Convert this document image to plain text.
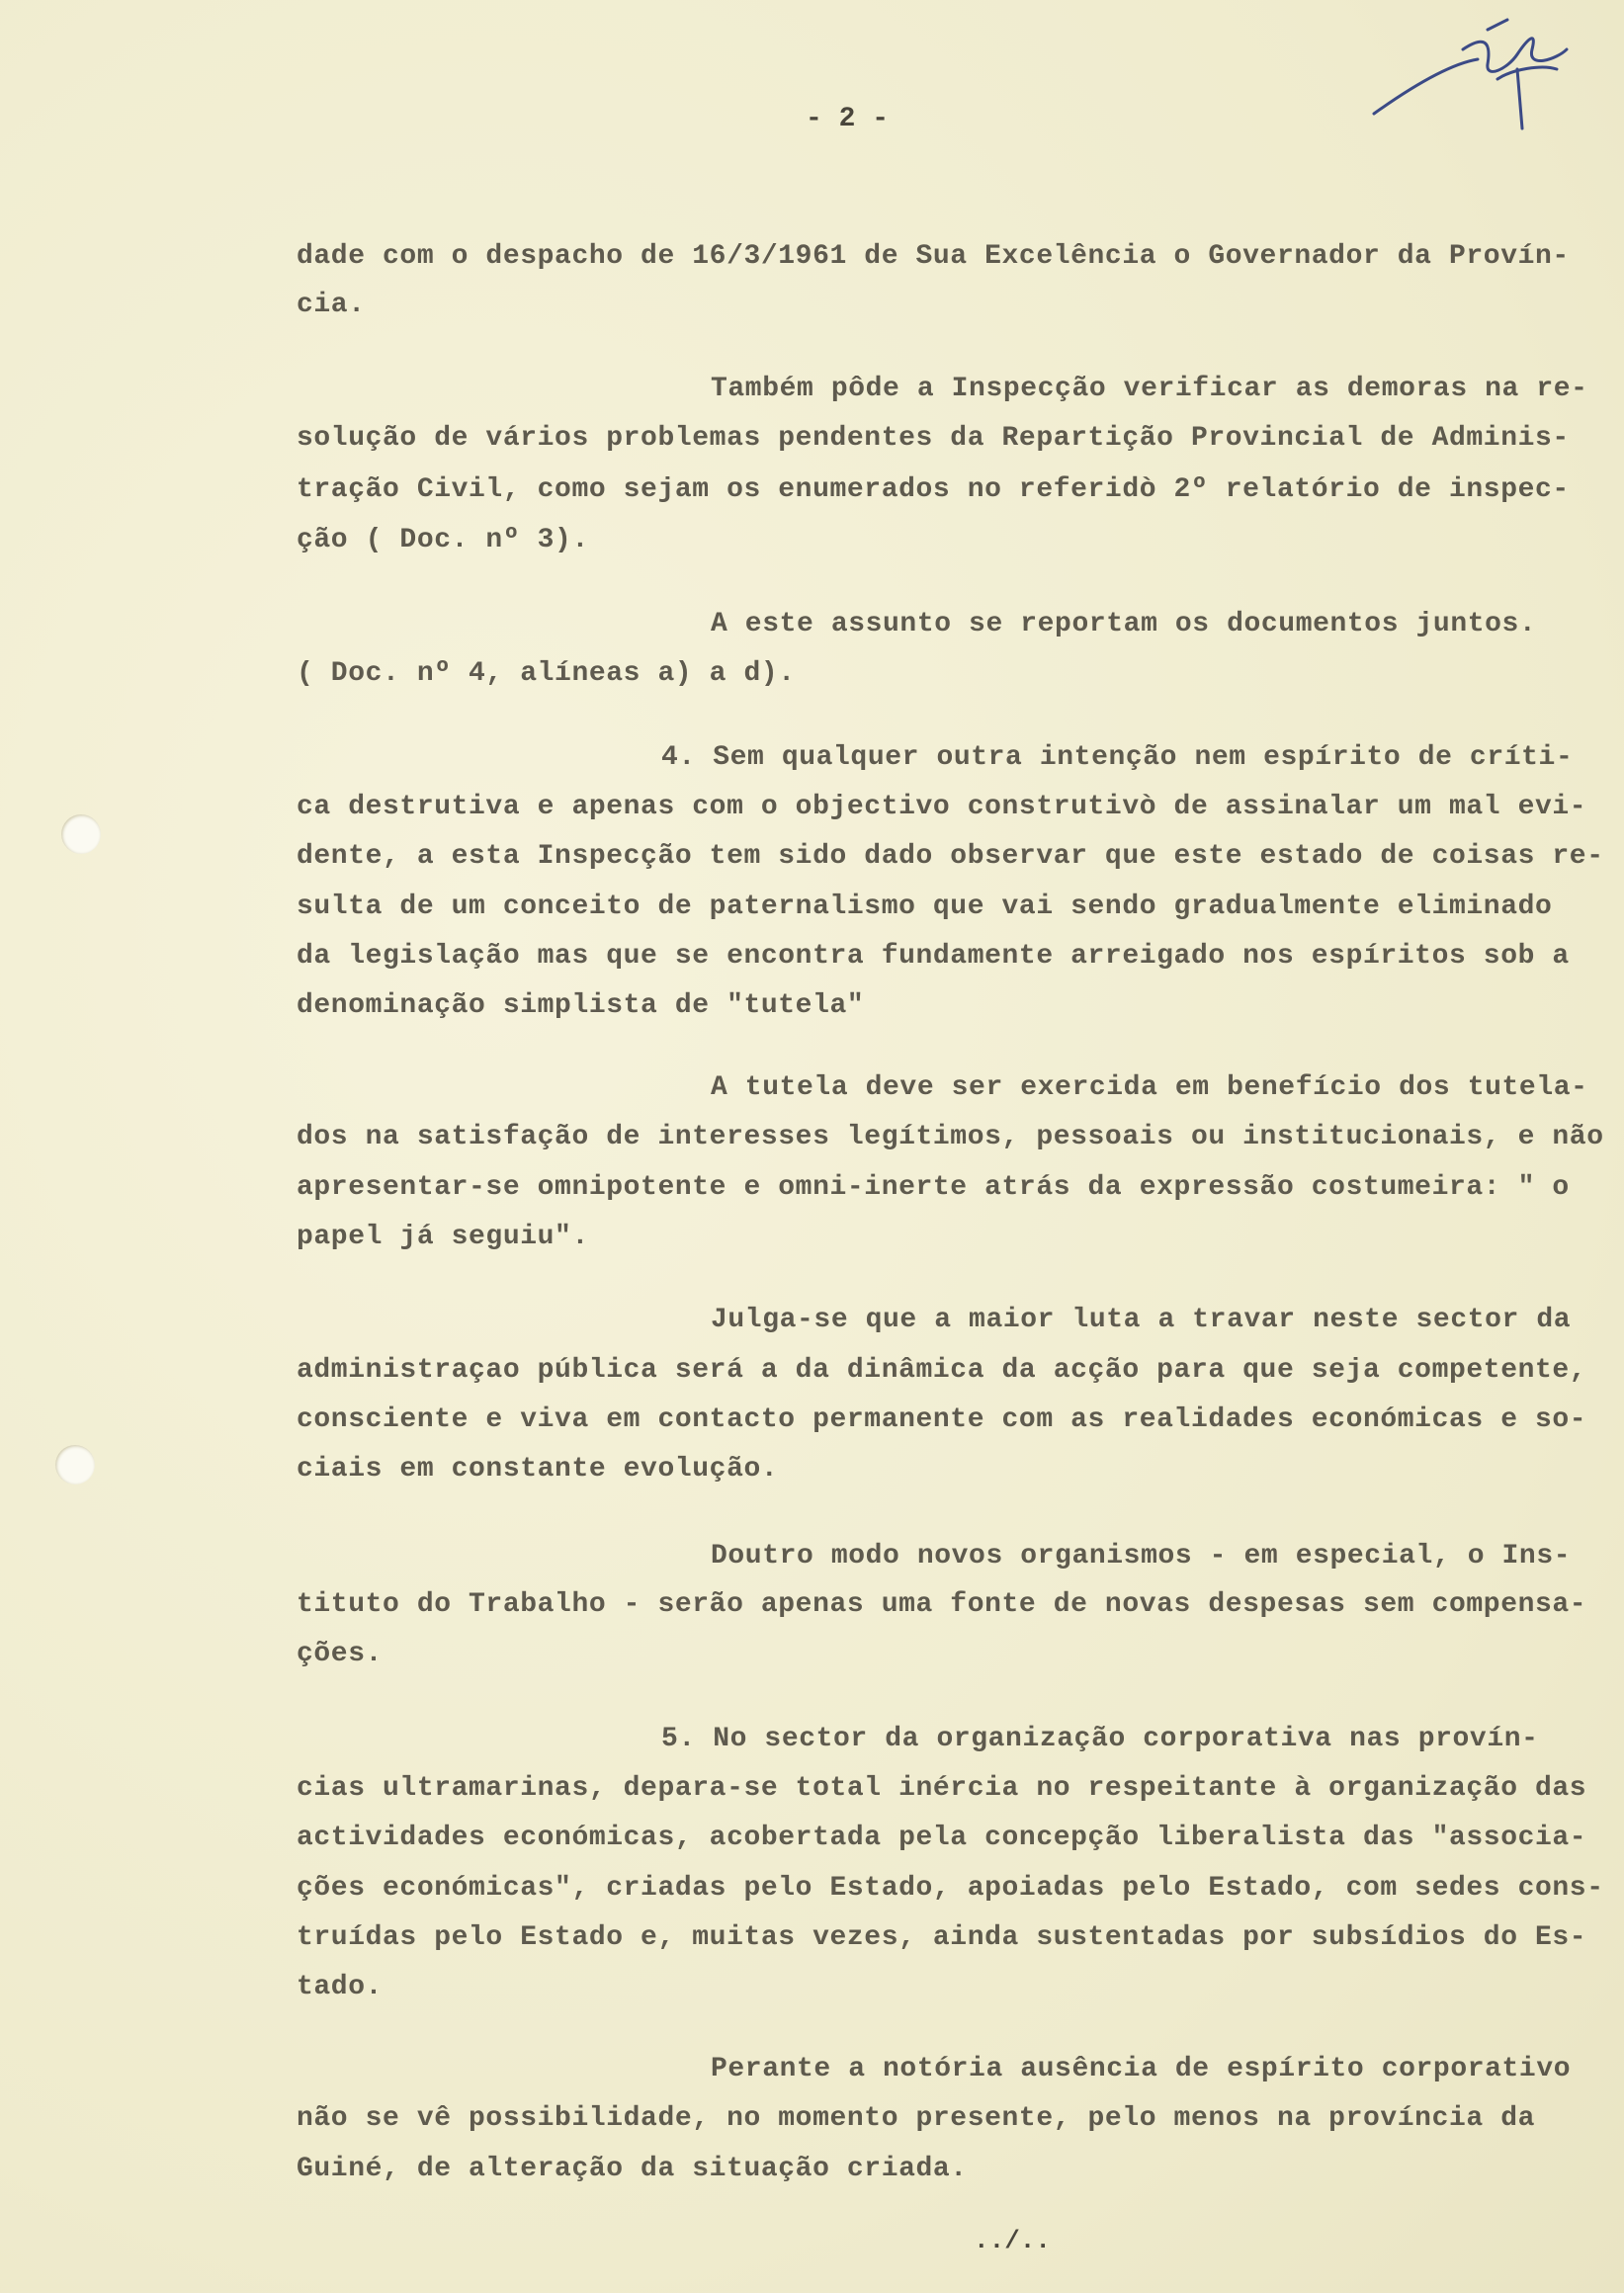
- 2 -
dade com o despacho de 16/3/1961 de Sua Excelência o Governador da Provín-
cia.
Também pôde a Inspecção verificar as demoras na re-
solução de vários problemas pendentes da Repartição Provincial de Adminis-
tração Civil, como sejam os enumerados no referidò 2º relatório de inspec-
ção ( Doc. nº 3).
A este assunto se reportam os documentos juntos.
( Doc. nº 4, alíneas a) a d).
4. Sem qualquer outra intenção nem espírito de críti-
ca destrutiva e apenas com o objectivo construtivò de assinalar um mal evi-
dente, a esta Inspecção tem sido dado observar que este estado de coisas re-
sulta de um conceito de paternalismo que vai sendo gradualmente eliminado
da legislação mas que se encontra fundamente arreigado nos espíritos sob a
denominação simplista de "tutela"
A tutela deve ser exercida em benefício dos tutela-
dos na satisfação de interesses legítimos, pessoais ou institucionais, e não
apresentar-se omnipotente e omni-inerte atrás da expressão costumeira: " o
papel já seguiu".
Julga-se que a maior luta a travar neste sector da
administraçao pública será a da dinâmica da acção para que seja competente,
consciente e viva em contacto permanente com as realidades económicas e so-
ciais em constante evolução.
Doutro modo novos organismos - em especial, o Ins-
tituto do Trabalho - serão apenas uma fonte de novas despesas sem compensa-
ções.
5. No sector da organização corporativa nas provín-
cias ultramarinas, depara-se total inércia no respeitante à organização das
actividades económicas, acobertada pela concepção liberalista das "associa-
ções económicas", criadas pelo Estado, apoiadas pelo Estado, com sedes cons-
truídas pelo Estado e, muitas vezes, ainda sustentadas por subsídios do Es-
tado.
Perante a notória ausência de espírito corporativo
não se vê possibilidade, no momento presente, pelo menos na província da
Guiné, de alteração da situação criada.
../..
